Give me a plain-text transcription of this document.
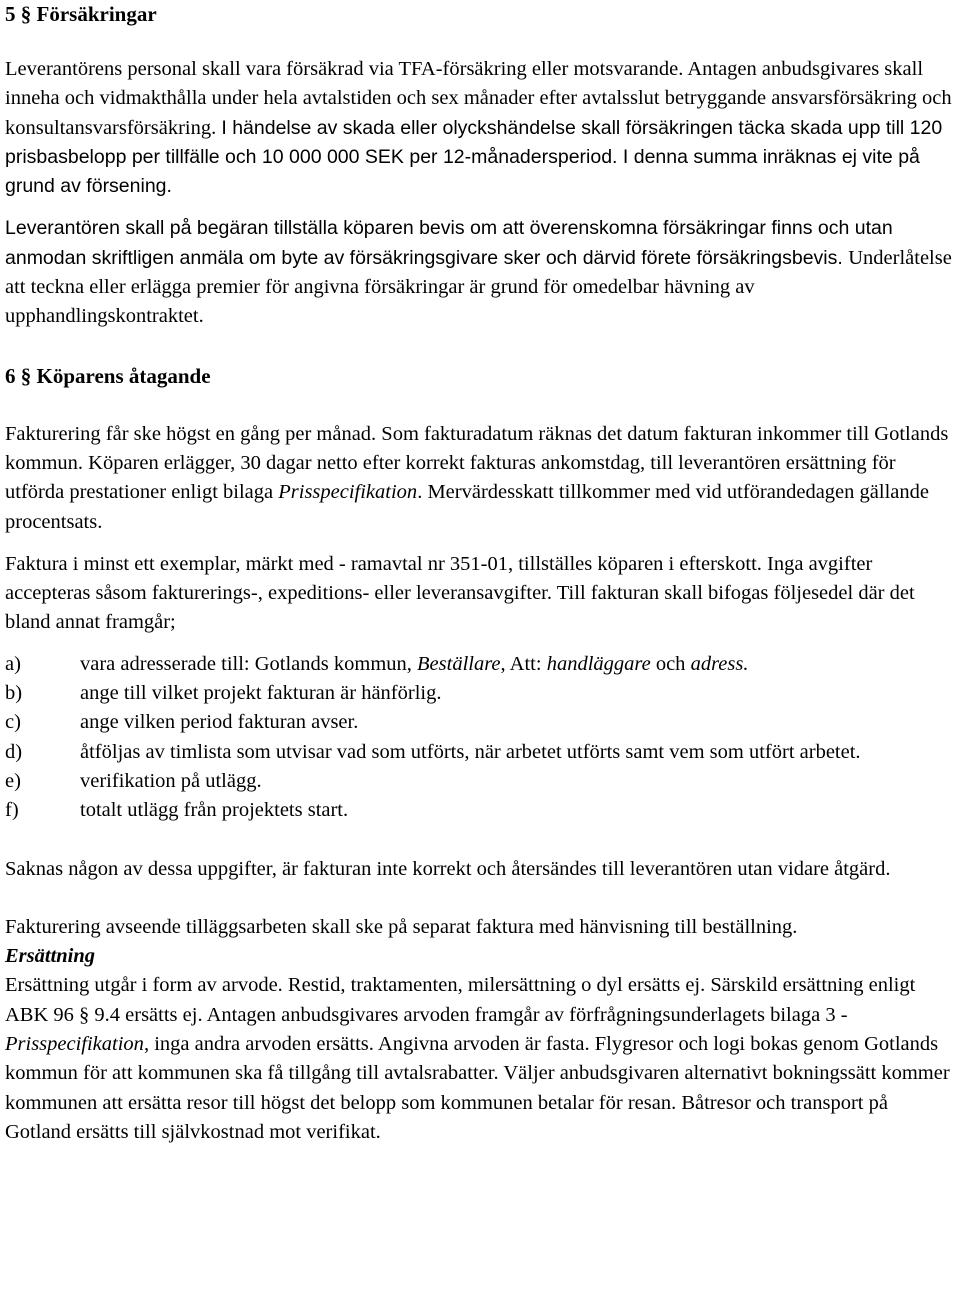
5 § Försäkringar

Leverantörens personal skall vara försäkrad via TFA-försäkring eller motsvarande. Antagen anbudsgivares skall inneha och vidmakthålla under hela avtalstiden och sex månader efter avtalsslut betryggande ansvarsförsäkring och konsultansvarsförsäkring. I händelse av skada eller olyckshändelse skall försäkringen täcka skada upp till 120 prisbasbelopp per tillfälle och 10 000 000 SEK per 12-månadersperiod. I denna summa inräknas ej vite på grund av försening.

Leverantören skall på begäran tillställa köparen bevis om att överenskomna försäkringar finns och utan anmodan skriftligen anmäla om byte av försäkringsgivare sker och därvid förete försäkringsbevis. Underlåtelse att teckna eller erlägga premier för angivna försäkringar är grund för omedelbar hävning av upphandlingskontraktet.

6 § Köparens åtagande

Fakturering får ske högst en gång per månad. Som fakturadatum räknas det datum fakturan inkommer till Gotlands kommun. Köparen erlägger, 30 dagar netto efter korrekt fakturas ankomstdag, till leverantören ersättning för utförda prestationer enligt bilaga Prisspecifikation. Mervärdesskatt tillkommer med vid utförandedagen gällande procentsats.

Faktura i minst ett exemplar, märkt med - ramavtal nr 351-01, tillställes köparen i efterskott. Inga avgifter accepteras såsom fakturerings-, expeditions- eller leveransavgifter. Till fakturan skall bifogas följesedel där det bland annat framgår;

a)	vara adresserade till: Gotlands kommun, Beställare, Att: handläggare och adress.
b)	ange till vilket projekt fakturan är hänförlig.
c)	ange vilken period fakturan avser.
d)	åtföljas av timlista som utvisar vad som utförts, när arbetet utförts samt vem som utfört arbetet.
e)	verifikation på utlägg.
f)	totalt utlägg från projektets start.

Saknas någon av dessa uppgifter, är fakturan inte korrekt och återsändes till leverantören utan vidare åtgärd.

Fakturering avseende tilläggsarbeten skall ske på separat faktura med hänvisning till beställning.

Ersättning

Ersättning utgår i form av arvode. Restid, traktamenten, milersättning o dyl ersätts ej. Särskild ersättning enligt ABK 96 § 9.4 ersätts ej. Antagen anbudsgivares arvoden framgår av förfrågningsunderlagets bilaga 3 -Prisspecifikation, inga andra arvoden ersätts. Angivna arvoden är fasta. Flygresor och logi bokas genom Gotlands kommun för att kommunen ska få tillgång till avtalsrabatter. Väljer anbudsgivaren alternativt bokningssätt kommer kommunen att ersätta resor till högst det belopp som kommunen betalar för resan. Båtresor och transport på Gotland ersätts till självkostnad mot verifikat.
